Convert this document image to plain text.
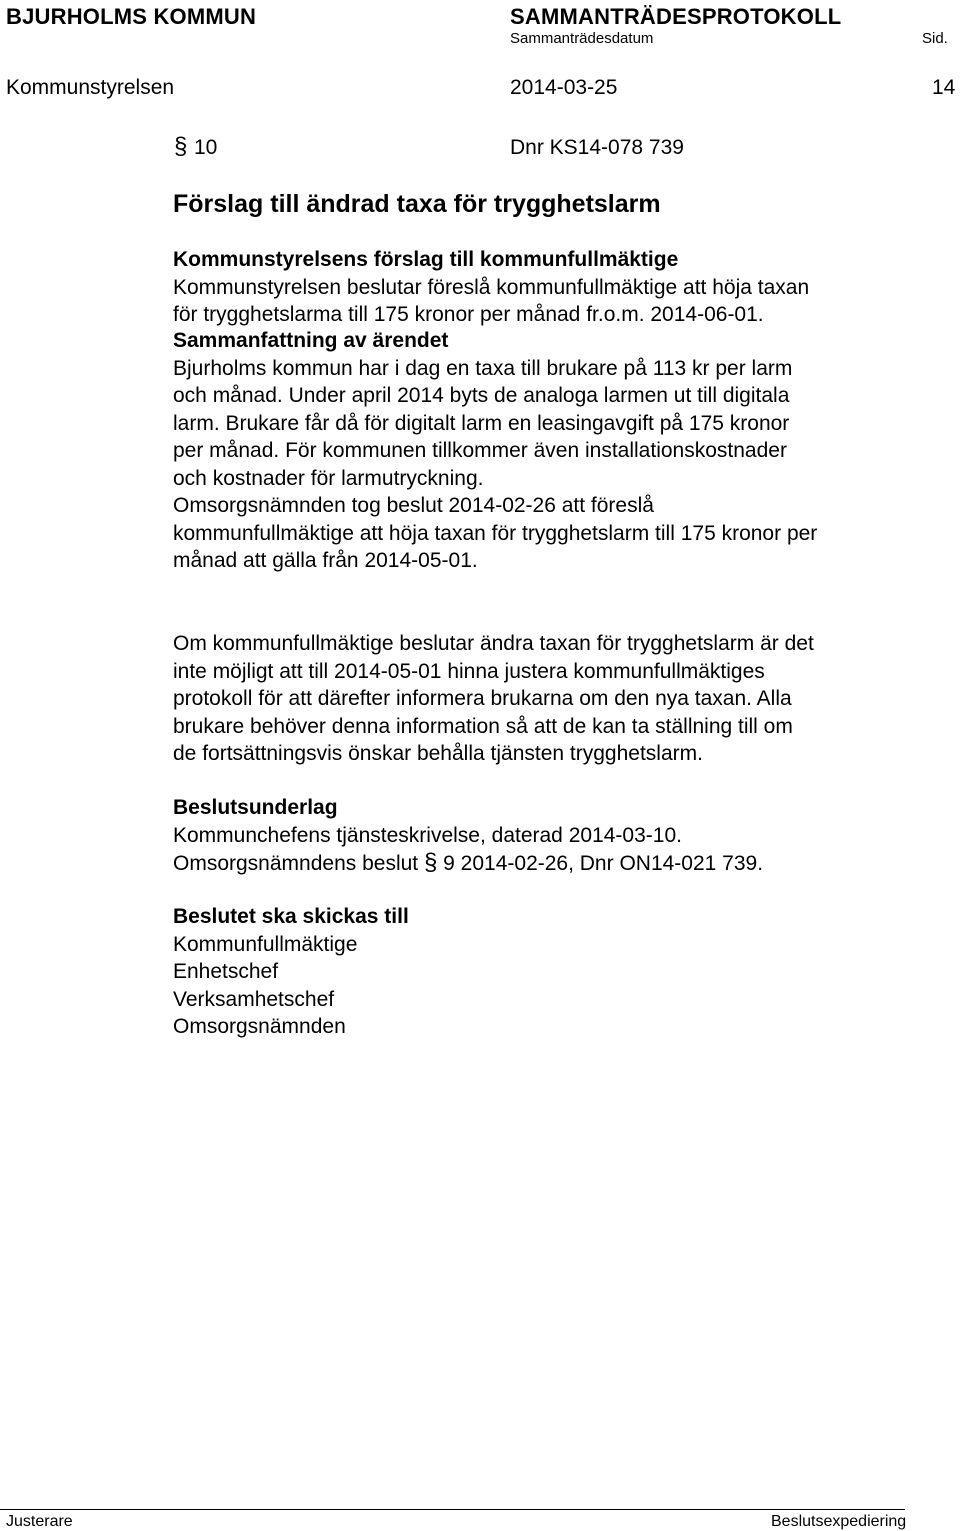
BJURHOLMS KOMMUN	SAMMANTRÄDESPROTOKOLL
Sammanträdesdatum	Sid.
Kommunstyrelsen	2014-03-25	14
§ 10	Dnr KS14-078 739
Förslag till ändrad taxa för trygghetslarm

Kommunstyrelsens förslag till kommunfullmäktige

Kommunstyrelsen beslutar föreslå kommunfullmäktige att höja taxan

för trygghetslarma till 175 kronor per månad fr.o.m. 2014-06-01.

Sammanfattning av ärendet

Bjurholms kommun har i dag en taxa till brukare på 113 kr per larm

och månad. Under april 2014 byts de analoga larmen ut till digitala

larm. Brukare får då för digitalt larm en leasingavgift på 175 kronor

per månad. För kommunen tillkommer även installationskostnader

och kostnader för larmutryckning.

Omsorgsnämnden tog beslut 2014-02-26 att föreslå

kommunfullmäktige att höja taxan för trygghetslarm till 175 kronor per

månad att gälla från 2014-05-01.

Om kommunfullmäktige beslutar ändra taxan för trygghetslarm är det

inte möjligt att till 2014-05-01 hinna justera kommunfullmäktiges

protokoll för att därefter informera brukarna om den nya taxan. Alla

brukare behöver denna information så att de kan ta ställning till om

de fortsättningsvis önskar behålla tjänsten trygghetslarm.

Beslutsunderlag

Kommunchefens tjänsteskrivelse, daterad 2014-03-10.

Omsorgsnämndens beslut § 9 2014-02-26, Dnr ON14-021 739.

Beslutet ska skickas till

Kommunfullmäktige

Enhetschef

Verksamhetschef

Omsorgsnämnden

Justerare	Beslutsexpediering
